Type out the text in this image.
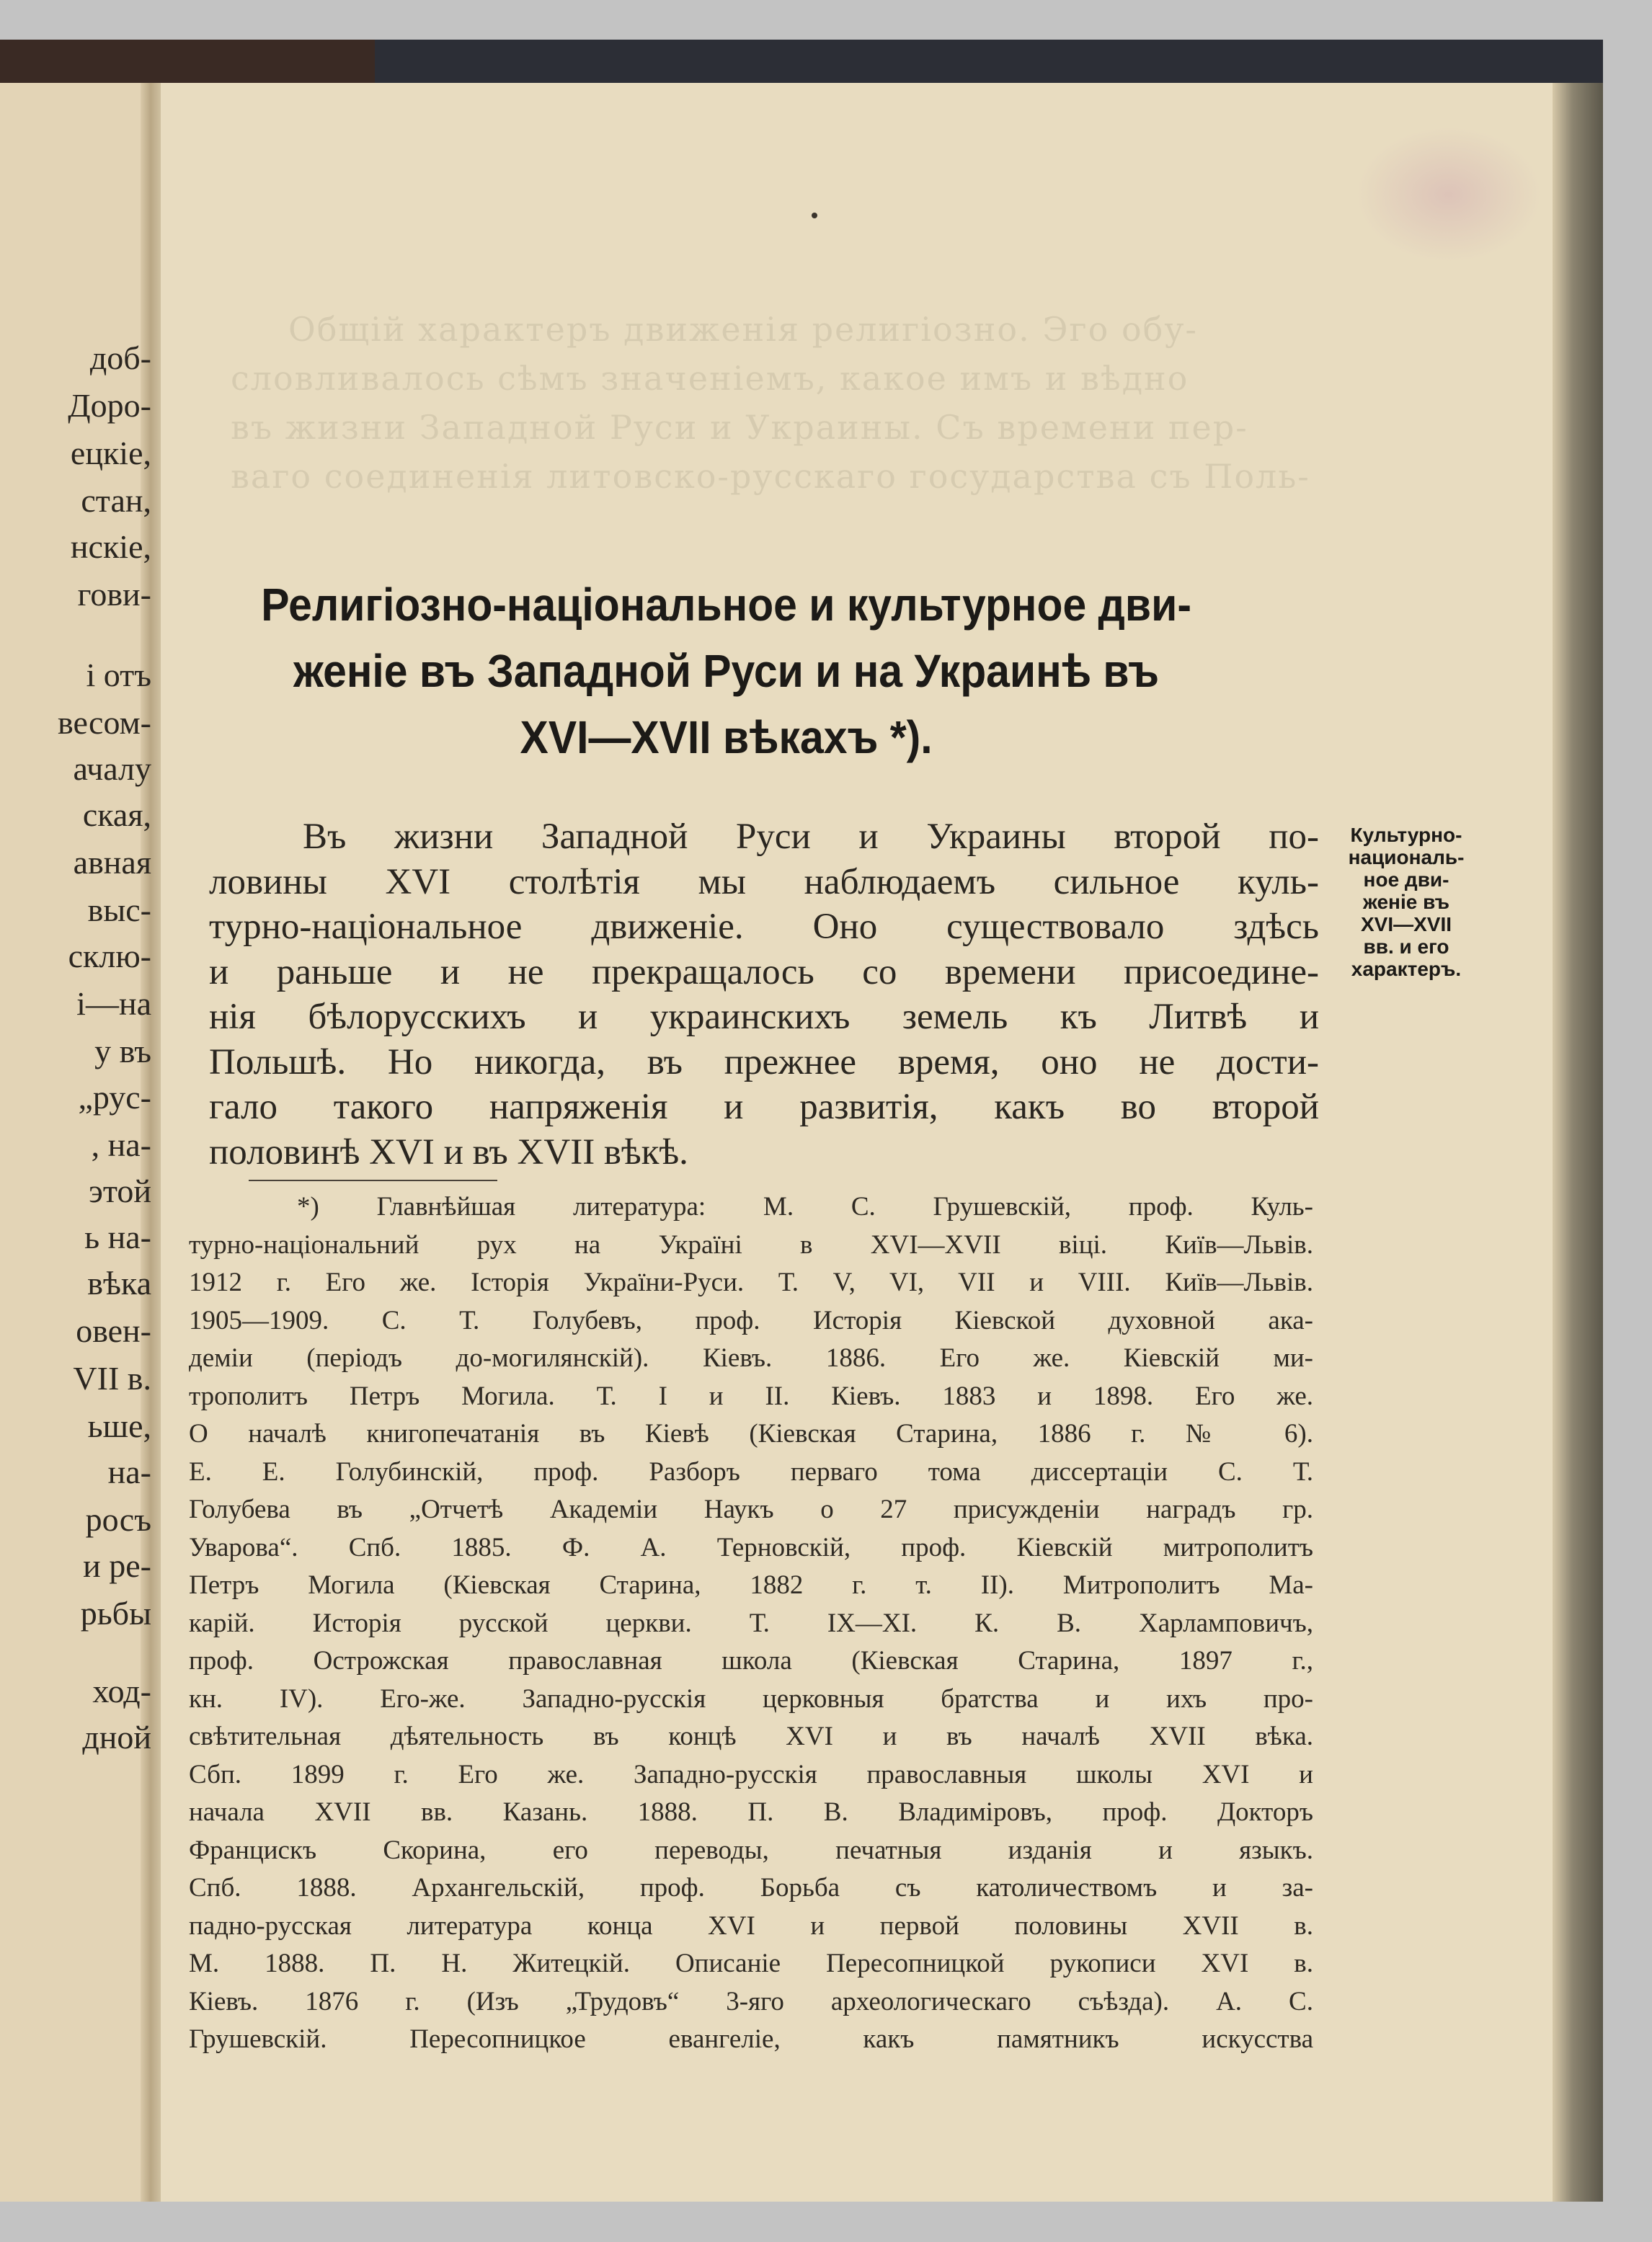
доб-
Доро-
ецкіе,
стан,
нскіе,
гови-
і отъ
весом-
ачалу
ская,
авная
выс-
склю-
і—на
у въ
„рус-
, на-
этой
ь на-
вѣка
овен-
VII в.
ьше,
на-
росъ
и ре-
рьбы
ход-
дной
Общій характеръ движенія религіозно. Эго обу-
словливалось сѣмъ значеніемъ, какое имъ и вѣдно
въ жизни Западной Руси и Украины. Съ времени пер-
ваго соединенія литовско-русскаго государства съ Поль-
Религіозно-національное и культурное дви-
женіе въ Западной Руси и на Украинѣ въ
XVI—XVII вѣкахъ *).
Въ жизни Западной Руси и Украины второй по-
ловины XVI столѣтія мы наблюдаемъ сильное куль-
турно-національное движеніе. Оно существовало здѣсь
и раньше и не прекращалось со времени присоедине-
нія бѣлорусскихъ и украинскихъ земель къ Литвѣ и
Польшѣ. Но никогда, въ прежнее время, оно не дости-
гало такого напряженія и развитія, какъ во второй
половинѣ XVI и въ XVII вѣкѣ.
Культурно-
националь-
ное дви-
женіе въ
XVI—XVII
вв. и его
характеръ.
*) Главнѣйшая литература: М. С. Грушевскій, проф. Куль-
турно-національний рух на Україні в XVI—XVII віці. Київ—Львів.
1912 г. Его же. Історія України-Руси. Т. V, VI, VII и VIII. Київ—Львів.
1905—1909. С. Т. Голубевъ, проф. Исторія Кіевской духовной ака-
деміи (періодъ до-могилянскій). Кіевъ. 1886. Его же. Кіевскій ми-
трополитъ Петръ Могила. Т. I и II. Кіевъ. 1883 и 1898. Его же.
О началѣ книгопечатанія въ Кіевѣ (Кіевская Старина, 1886 г. № 6).
Е. Е. Голубинскій, проф. Разборъ перваго тома диссертаціи С. Т.
Голубева въ „Отчетѣ Академіи Наукъ о 27 присужденіи наградъ гр.
Уварова“. Спб. 1885. Ф. А. Терновскій, проф. Кіевскій митрополитъ
Петръ Могила (Кіевская Старина, 1882 г. т. II). Митрополитъ Ма-
карій. Исторія русской церкви. Т. IX—XI. К. В. Харламповичъ,
проф. Острожская православная школа (Кіевская Старина, 1897 г.,
кн. IV). Его-же. Западно-русскія церковныя братства и ихъ про-
свѣтительная дѣятельность въ концѣ XVI и въ началѣ XVII вѣка.
Сбп. 1899 г. Его же. Западно-русскія православныя школы XVI и
начала XVII вв. Казань. 1888. П. В. Владиміровъ, проф. Докторъ
Францискъ Скорина, его переводы, печатныя изданія и языкъ.
Спб. 1888. Архангельскій, проф. Борьба съ католичествомъ и за-
падно-русская литература конца XVI и первой половины XVII в.
М. 1888. П. Н. Житецкій. Описаніе Пересопницкой рукописи XVI в.
Кіевъ. 1876 г. (Изъ „Трудовъ“ 3-яго археологическаго съѣзда). А. С.
Грушевскій. Пересопницкое евангеліе, какъ памятникъ искусства
